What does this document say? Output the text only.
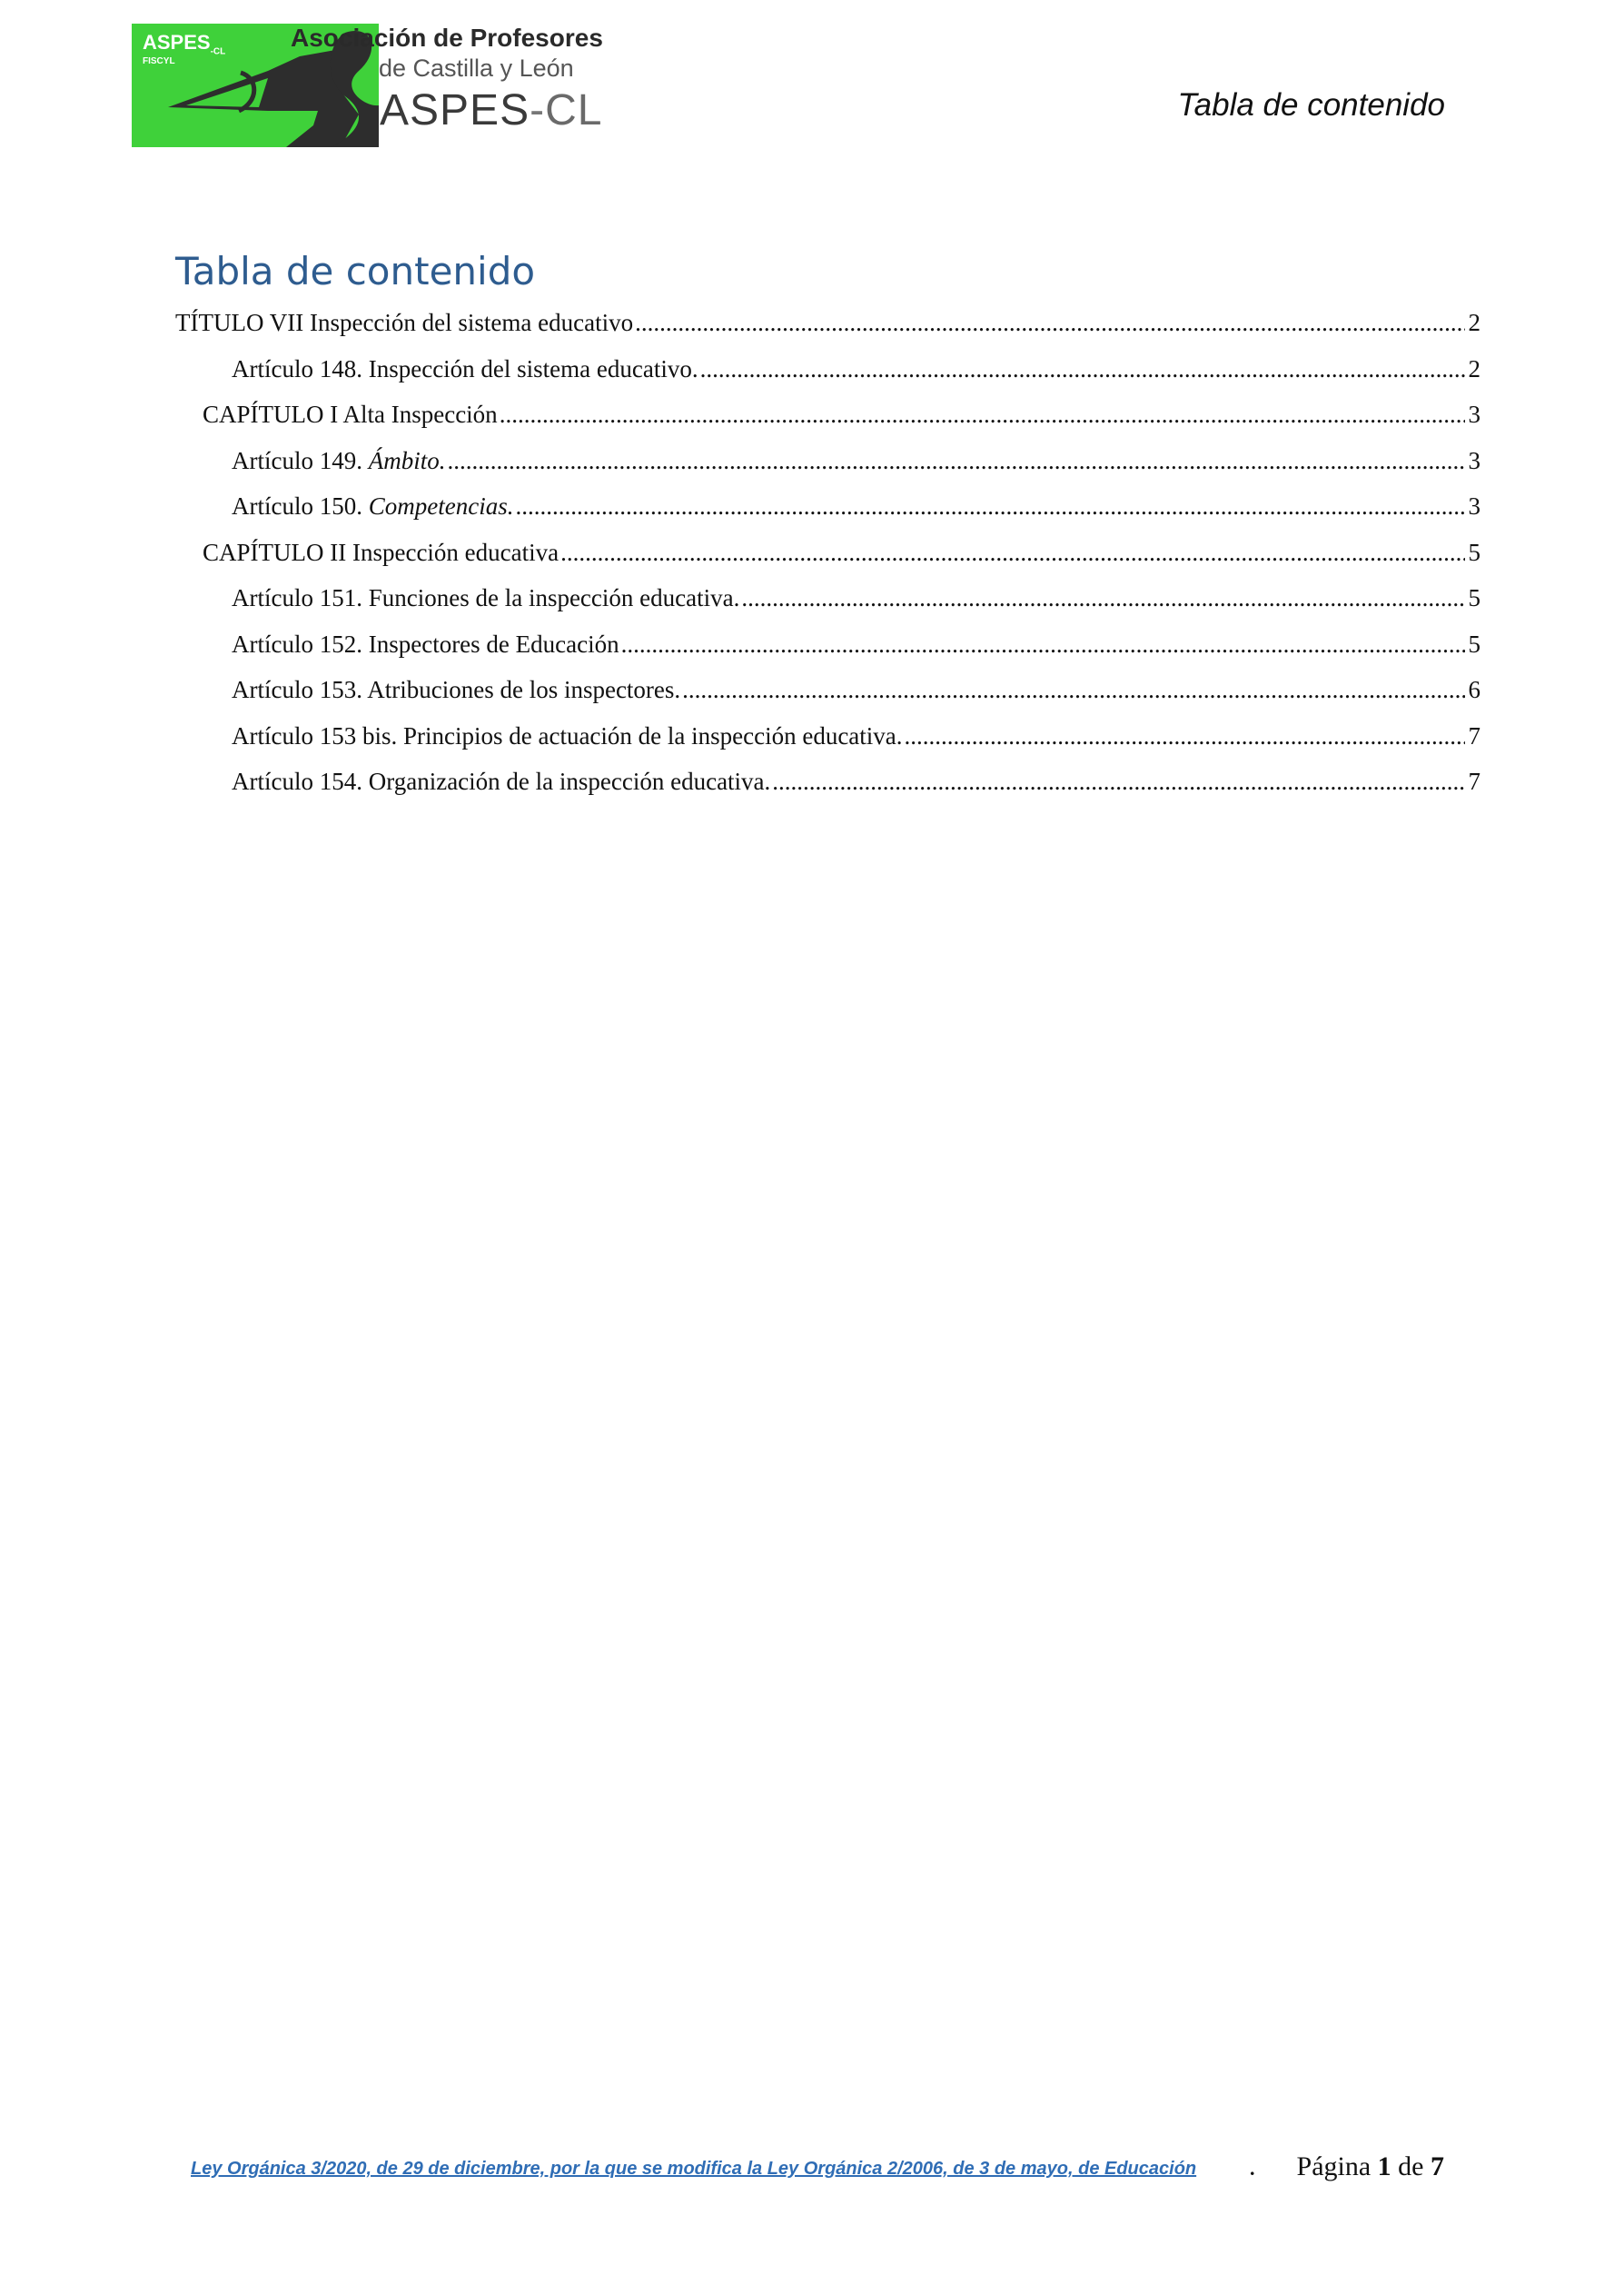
$ASPES_{-CL}$
FISCYL
Asociación de Profesores
de Castilla y León
ASPES-CL	Tabla de contenido
Tabla de contenido
TÍTULO VII Inspección del sistema educativo .....	2
Artículo 148. Inspección del sistema educativo. .....	2
CAPÍTULO I Alta Inspección .....	3
Artículo 149. Ámbito. .....	3
Artículo 150. Competencias. .....	3
CAPÍTULO II Inspección educativa .....	5
Artículo 151. Funciones de la inspección educativa. .....	5
Artículo 152. Inspectores de Educación .....	5
Artículo 153. Atribuciones de los inspectores. .....	6
Artículo 153 bis. Principios de actuación de la inspección educativa. .....	7
Artículo 154. Organización de la inspección educativa. .....	7
Ley Orgánica 3/2020, de 29 de diciembre, por la que se modifica la Ley Orgánica 2/2006, de 3 de mayo, de Educación	. Página 1 de 7
